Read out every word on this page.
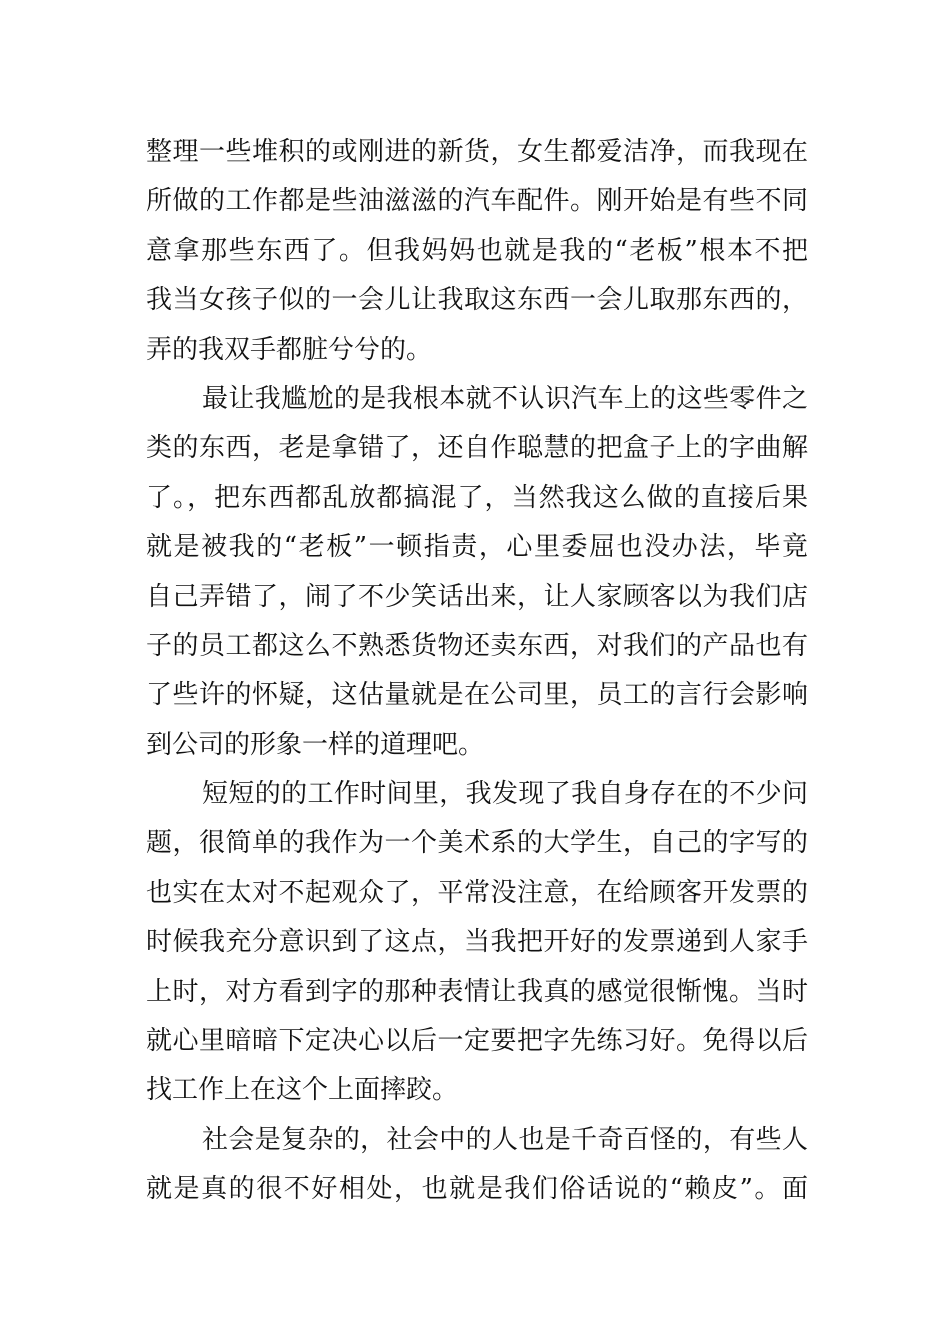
整理一些堆积的或刚进的新货，女生都爱洁净，而我现在
所做的工作都是些油滋滋的汽车配件。刚开始是有些不同
意拿那些东西了。但我妈妈也就是我的“老板”根本不把
我当女孩子似的一会儿让我取这东西一会儿取那东西的，
弄的我双手都脏兮兮的。
最让我尴尬的是我根本就不认识汽车上的这些零件之
类的东西，老是拿错了，还自作聪慧的把盒子上的字曲解
了。，把东西都乱放都搞混了，当然我这么做的直接后果
就是被我的“老板”一顿指责，心里委屈也没办法，毕竟
自己弄错了，闹了不少笑话出来，让人家顾客以为我们店
子的员工都这么不熟悉货物还卖东西，对我们的产品也有
了些许的怀疑，这估量就是在公司里，员工的言行会影响
到公司的形象一样的道理吧。
短短的的工作时间里，我发现了我自身存在的不少问
题，很简单的我作为一个美术系的大学生，自己的字写的
也实在太对不起观众了，平常没注意，在给顾客开发票的
时候我充分意识到了这点，当我把开好的发票递到人家手
上时，对方看到字的那种表情让我真的感觉很惭愧。当时
就心里暗暗下定决心以后一定要把字先练习好。免得以后
找工作上在这个上面摔跤。
社会是复杂的，社会中的人也是千奇百怪的，有些人
就是真的很不好相处，也就是我们俗话说的“赖皮”。面
